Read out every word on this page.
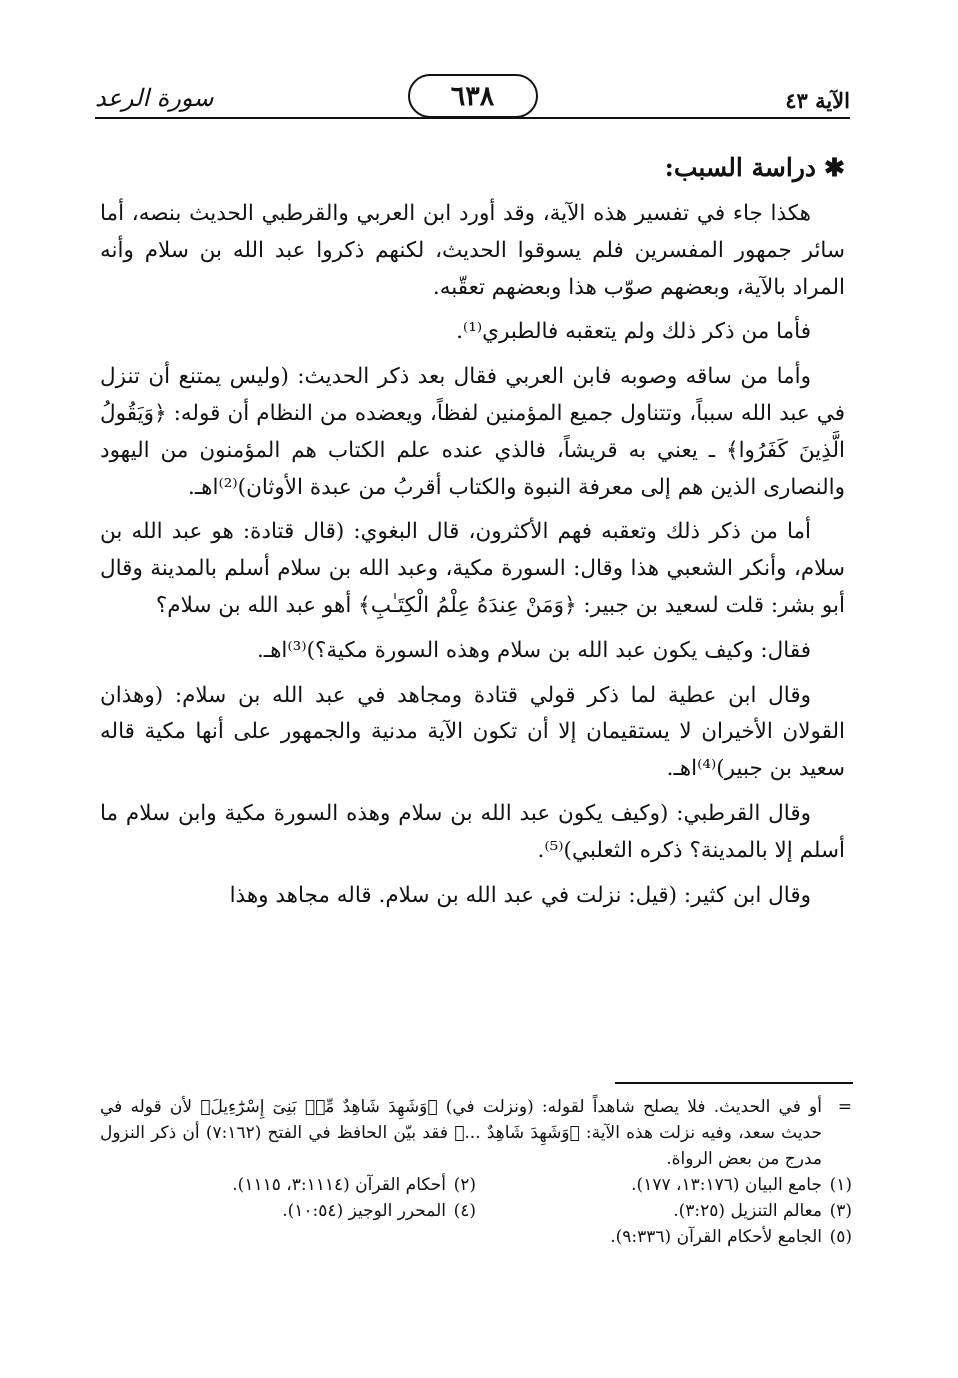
الآية ٤٣
٦٣٨
سورة الرعد
✱دراسة السبب:

هكذا جاء في تفسير هذه الآية، وقد أورد ابن العربي والقرطبي الحديث بنصه، أما سائر جمهور المفسرين فلم يسوقوا الحديث، لكنهم ذكروا عبد الله بن سلام وأنه المراد بالآية، وبعضهم صوّب هذا وبعضهم تعقّبه.

فأما من ذكر ذلك ولم يتعقبه فالطبري⁽¹⁾.

وأما من ساقه وصوبه فابن العربي فقال بعد ذكر الحديث: (وليس يمتنع أن تنزل في عبد الله سبباً، وتتناول جميع المؤمنين لفظاً، ويعضده من النظام أن قوله: ﴿وَيَقُولُ الَّذِينَ كَفَرُوا﴾ ـ يعني به قريشاً، فالذي عنده علم الكتاب هم المؤمنون من اليهود والنصارى الذين هم إلى معرفة النبوة والكتاب أقربُ من عبدة الأوثان)⁽²⁾اهـ.

أما من ذكر ذلك وتعقبه فهم الأكثرون، قال البغوي: (قال قتادة: هو عبد الله بن سلام، وأنكر الشعبي هذا وقال: السورة مكية، وعبد الله بن سلام أسلم بالمدينة وقال أبو بشر: قلت لسعيد بن جبير: ﴿وَمَنْ عِندَهُ عِلْمُ الْكِتَـٰبِ﴾ أهو عبد الله بن سلام؟

فقال: وكيف يكون عبد الله بن سلام وهذه السورة مكية؟)⁽³⁾اهـ.

وقال ابن عطية لما ذكر قولي قتادة ومجاهد في عبد الله بن سلام: (وهذان القولان الأخيران لا يستقيمان إلا أن تكون الآية مدنية والجمهور على أنها مكية قاله سعيد بن جبير)⁽⁴⁾اهـ.

وقال القرطبي: (وكيف يكون عبد الله بن سلام وهذه السورة مكية وابن سلام ما أسلم إلا بالمدينة؟ ذكره الثعلبي)⁽⁵⁾.

وقال ابن كثير: (قيل: نزلت في عبد الله بن سلام. قاله مجاهد وهذا

=
أو في الحديث. فلا يصلح شاهداً لقوله: (ونزلت في) ﴿وَشَهِدَ شَاهِدٌ مِّنۢ بَنِىٓ إِسْرَٰٓءِيلَ﴾ لأن قوله في حديث سعد، وفيه نزلت هذه الآية: ﴿وَشَهِدَ شَاهِدٌ ...﴾ فقد بيّن الحافظ في الفتح (٧:١٦٢) أن ذكر النزول مدرج من بعض الرواة.
(١)جامع البيان (١٣:١٧٦، ١٧٧).
(٢)أحكام القرآن (٣:١١١٤، ١١١٥).
(٣)معالم التنزيل (٣:٢٥).
(٤)المحرر الوجيز (١٠:٥٤).
(٥)الجامع لأحكام القرآن (٩:٣٣٦).
